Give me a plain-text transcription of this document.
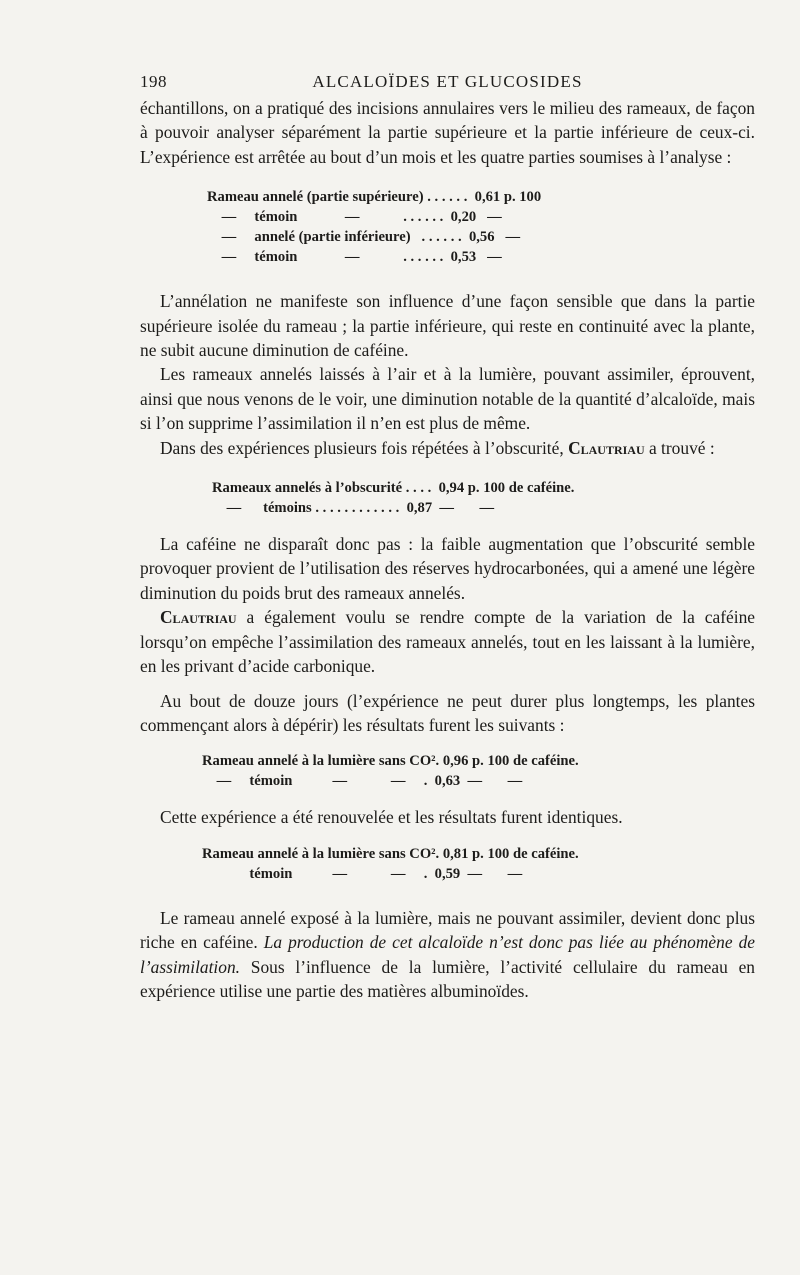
198	ALCALOÏDES ET GLUCOSIDES

échantillons, on a pratiqué des incisions annulaires vers le milieu des rameaux, de façon à pouvoir analyser séparément la partie supérieure et la partie inférieure de ceux-ci. L’expérience est arrêtée au bout d’un mois et les quatre parties soumises à l’analyse :

Rameau annelé (partie supérieure) . . . . . .  0,61 p. 100
—     témoin             —            . . . . . .  0,20   —
—     annelé (partie inférieure)   . . . . . .  0,56   —
—     témoin             —            . . . . . .  0,53   —

L’annélation ne manifeste son influence d’une façon sensible que dans la partie supérieure isolée du rameau ; la partie inférieure, qui reste en continuité avec la plante, ne subit aucune diminution de caféine.

Les rameaux annelés laissés à l’air et à la lumière, pouvant assimiler, éprouvent, ainsi que nous venons de le voir, une diminution notable de la quantité d’alcaloïde, mais si l’on supprime l’assimilation il n’en est plus de même.

Dans des expériences plusieurs fois répétées à l’obscurité, Clautriau a trouvé :

Rameaux annelés à l’obscurité . . . .  0,94 p. 100 de caféine.
—      témoins . . . . . . . . . . . .  0,87  —       —

La caféine ne disparaît donc pas : la faible augmentation que l’obscurité semble provoquer provient de l’utilisation des réserves hydrocarbonées, qui a amené une légère diminution du poids brut des rameaux annelés.

Clautriau a également voulu se rendre compte de la variation de la caféine lorsqu’on empêche l’assimilation des rameaux annelés, tout en les laissant à la lumière, en les privant d’acide carbonique.

Au bout de douze jours (l’expérience ne peut durer plus longtemps, les plantes commençant alors à dépérir) les résultats furent les suivants :

Rameau annelé à la lumière sans CO². 0,96 p. 100 de caféine.
—     témoin           —            —     .  0,63  —       —

Cette expérience a été renouvelée et les résultats furent identiques.

Rameau annelé à la lumière sans CO². 0,81 p. 100 de caféine.
témoin           —            —     .  0,59  —       —

Le rameau annelé exposé à la lumière, mais ne pouvant assimiler, devient donc plus riche en caféine. La production de cet alcaloïde n’est donc pas liée au phénomène de l’assimilation. Sous l’influence de la lumière, l’activité cellulaire du rameau en expérience utilise une partie des matières albuminoïdes.
